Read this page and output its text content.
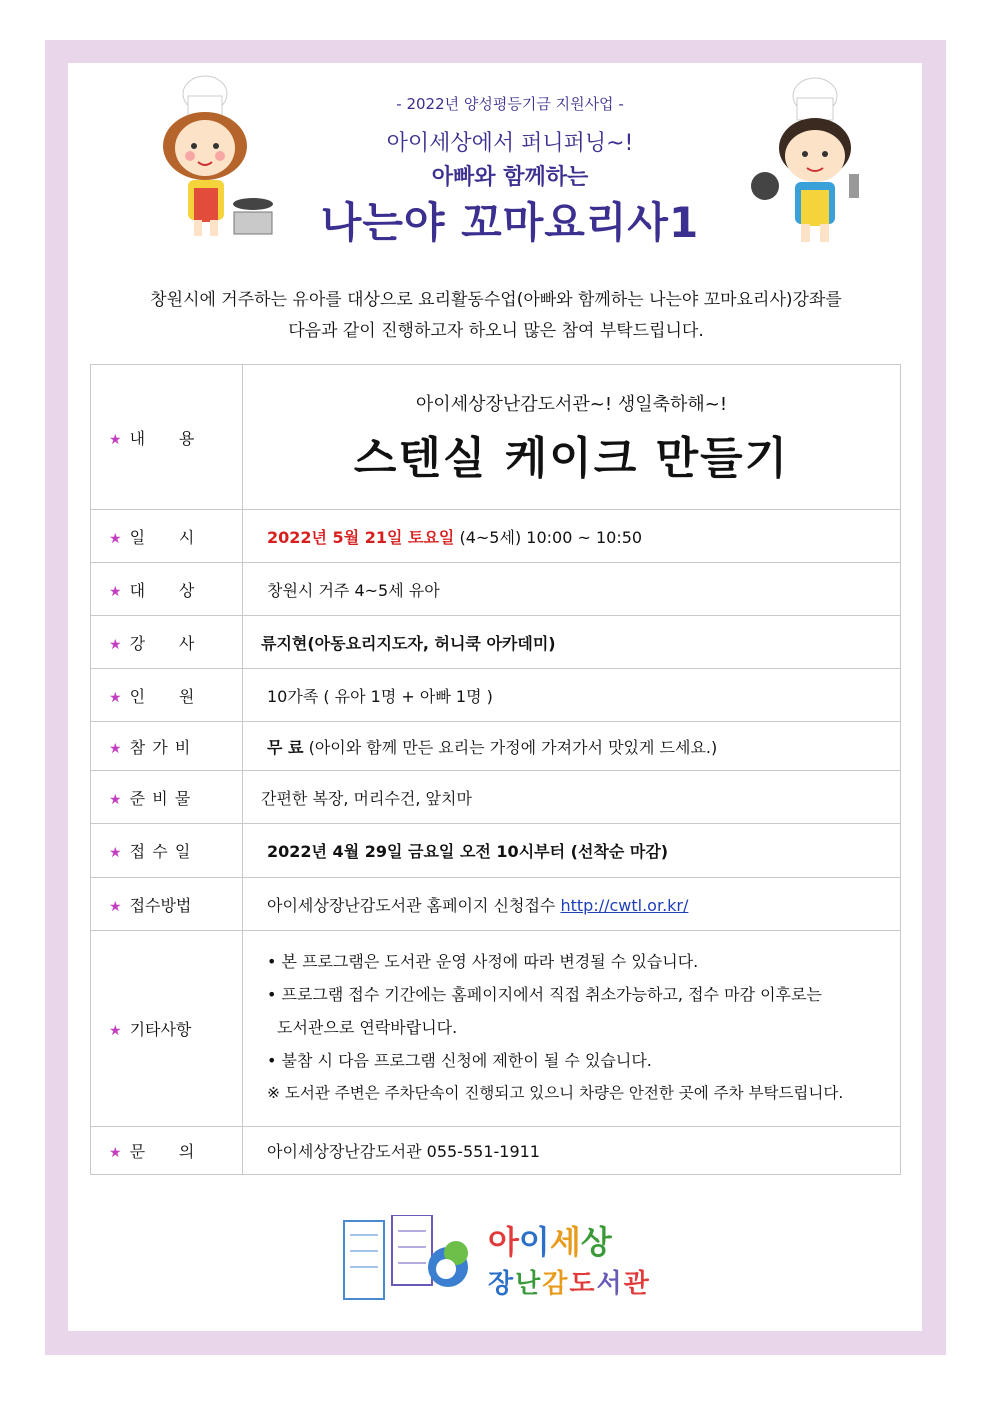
- 2022년 양성평등기금 지원사업 -
아이세상에서 퍼니퍼닝~!
아빠와 함께하는
나는야 꼬마요리사1
창원시에 거주하는 유아를 대상으로 요리활동수업(아빠와 함께하는 나는야 꼬마요리사)강좌를
다음과 같이 진행하고자 하오니 많은 참여 부탁드립니다.
★ 내 용	아이세상장난감도서관~! 생일축하해~!
스텐실 케이크 만들기

★ 일 시	2022년 5월 21일 토요일 (4~5세) 10:00 ~ 10:50
★ 대 상	창원시 거주 4~5세 유아
★ 강 사	류지현(아동요리지도자, 허니쿡 아카데미)
★ 인 원	10가족 ( 유아 1명 + 아빠 1명 )
★ 참가비	무 료 (아이와 함께 만든 요리는 가정에 가져가서 맛있게 드세요.)
★ 준비물	간편한 복장, 머리수건, 앞치마
★ 접수일	2022년 4월 29일 금요일 오전 10시부터 (선착순 마감)
★ 접수방법	아이세상장난감도서관 홈페이지 신청접수 http://cwtl.or.kr/
★ 기타사항	• 본 프로그램은 도서관 운영 사정에 따라 변경될 수 있습니다.
• 프로그램 접수 기간에는 홈페이지에서 직접 취소가능하고, 접수 마감 이후로는
도서관으로 연락바랍니다.
• 불참 시 다음 프로그램 신청에 제한이 될 수 있습니다.
※ 도서관 주변은 주차단속이 진행되고 있으니 차량은 안전한 곳에 주차 부탁드립니다.

★ 문 의	아이세상장난감도서관 055-551-1911
아이세상
장난감도서관
